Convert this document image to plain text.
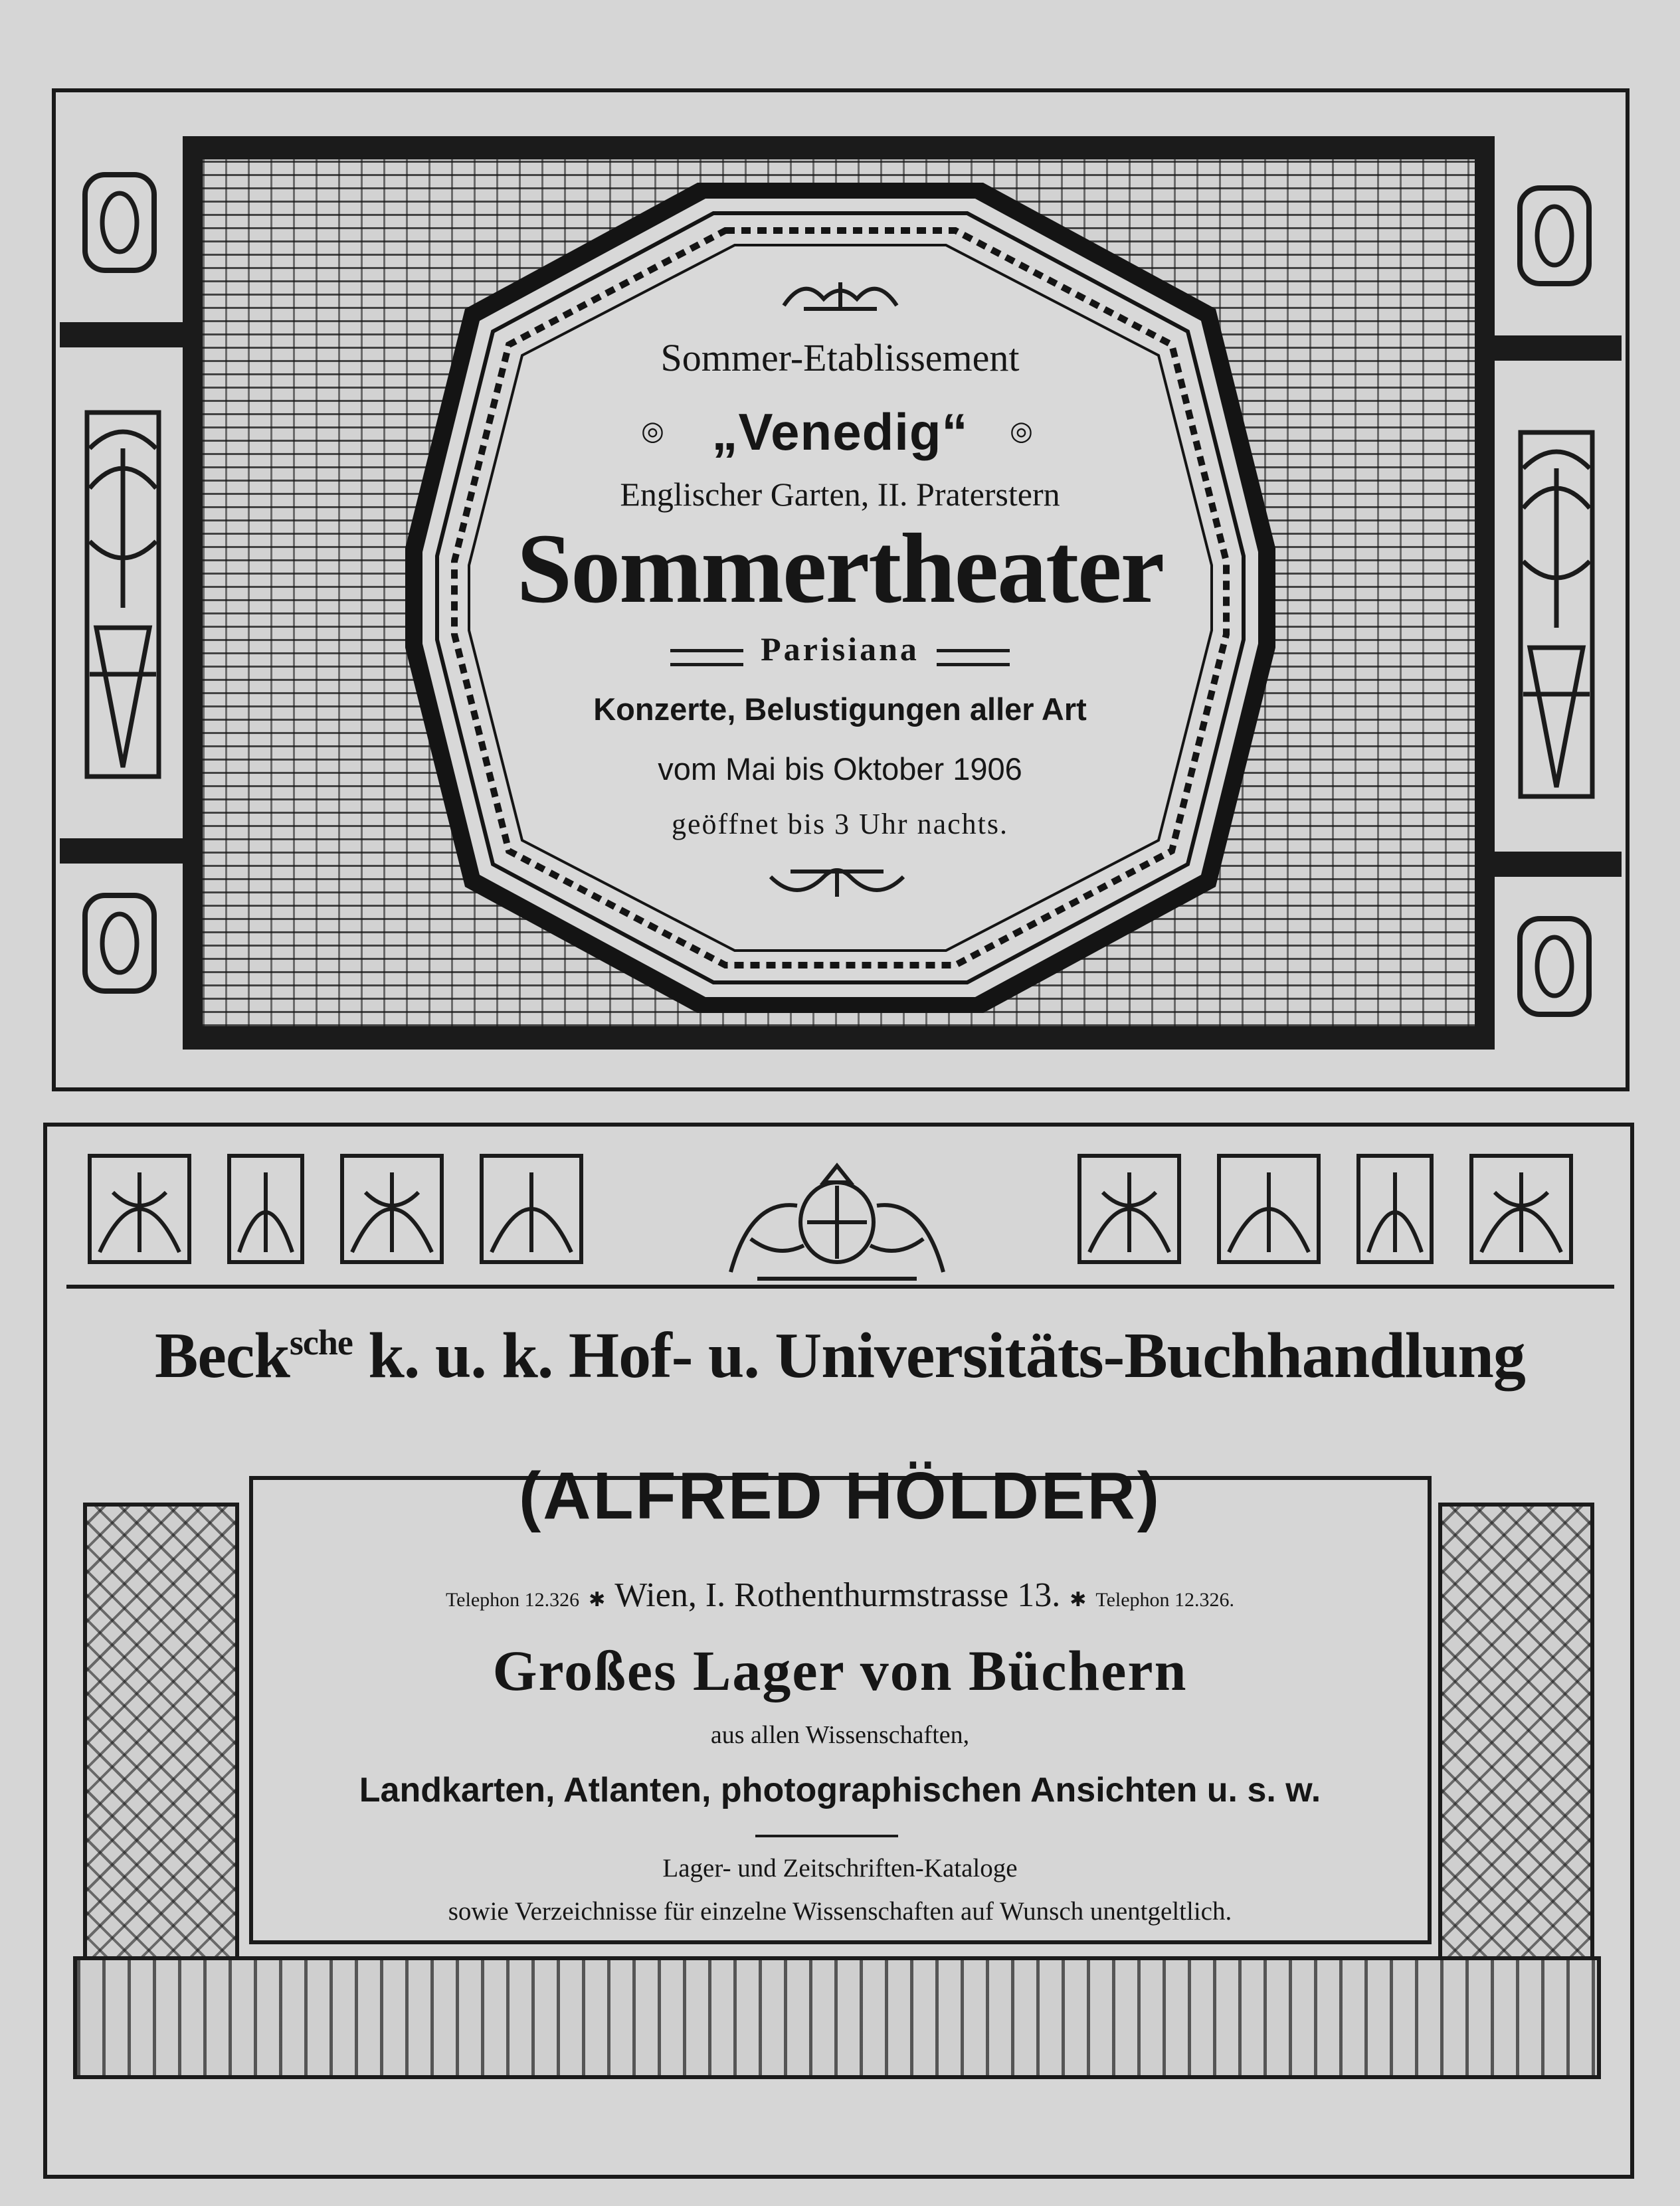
◎	◎
Sommer-Etablissement
„Venedig“
Englischer Garten, II. Praterstern
Sommertheater
Parisiana
Konzerte, Belustigungen aller Art
vom Mai bis Oktober 1906
geöffnet bis 3 Uhr nachts.
Beck$^{sche}$ k. u. k. Hof- u. Universitäts-Buchhandlung
(ALFRED HÖLDER)
Telephon 12.326 ✱ Wien, I. Rothenthurmstrasse 13. ✱ Telephon 12.326.
Großes Lager von Büchern
aus allen Wissenschaften,
Landkarten, Atlanten, photographischen Ansichten u. s. w.
Lager- und Zeitschriften-Kataloge
sowie Verzeichnisse für einzelne Wissenschaften auf Wunsch unentgeltlich.
